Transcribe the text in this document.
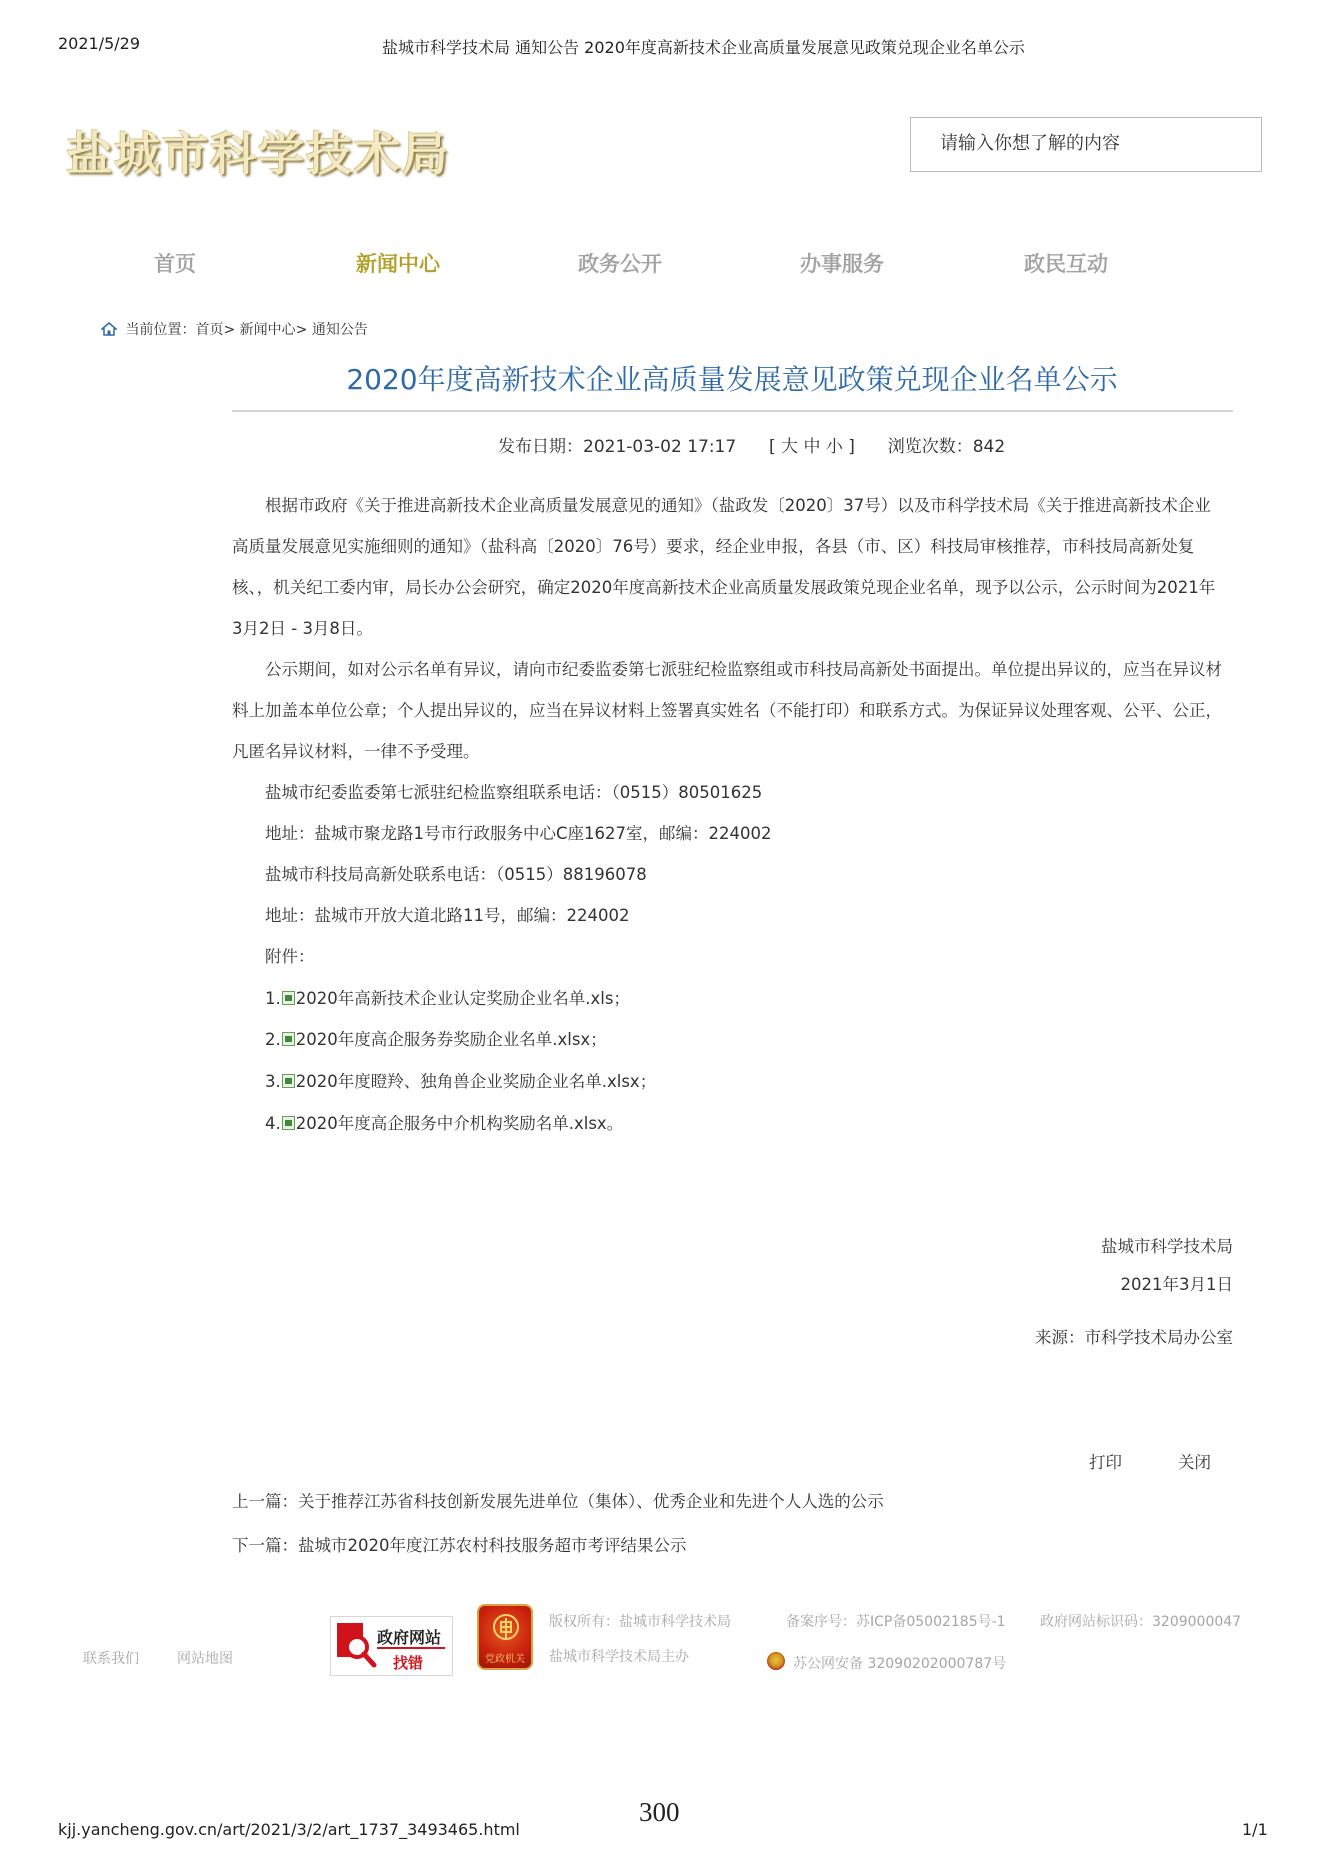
2021/5/29	盐城市科学技术局 通知公告 2020年度高新技术企业高质量发展意见政策兑现企业名单公示
盐城市科学技术局	请输入你想了解的内容
首页	新闻中心	政务公开	办事服务	政民互动
当前位置：首页> 新闻中心> 通知公告
2020年度高新技术企业高质量发展意见政策兑现企业名单公示
发布日期：2021-03-02 17:17 [ 大 中 小 ] 浏览次数：842
根据市政府《关于推进高新技术企业高质量发展意见的通知》（盐政发〔2020〕37号）以及市科学技术局《关于推进高新技术企业
高质量发展意见实施细则的通知》（盐科高〔2020〕76号）要求，经企业申报，各县（市、区）科技局审核推荐，市科技局高新处复
核、，机关纪工委内审，局长办公会研究，确定2020年度高新技术企业高质量发展政策兑现企业名单，现予以公示，公示时间为2021年
3月2日 - 3月8日。
公示期间，如对公示名单有异议，请向市纪委监委第七派驻纪检监察组或市科技局高新处书面提出。单位提出异议的，应当在异议材
料上加盖本单位公章；个人提出异议的，应当在异议材料上签署真实姓名（不能打印）和联系方式。为保证异议处理客观、公平、公正，
凡匿名异议材料，一律不予受理。
盐城市纪委监委第七派驻纪检监察组联系电话：（0515）80501625
地址：盐城市聚龙路1号市行政服务中心C座1627室，邮编：224002
盐城市科技局高新处联系电话：（0515）88196078
地址：盐城市开放大道北路11号，邮编：224002
附件：
1. 2020年高新技术企业认定奖励企业名单.xls；
2. 2020年度高企服务券奖励企业名单.xlsx；
3. 2020年度瞪羚、独角兽企业奖励企业名单.xlsx；
4. 2020年度高企服务中介机构奖励名单.xlsx。
盐城市科学技术局
2021年3月1日
来源：市科学技术局办公室
打印	关闭
上一篇：关于推荐江苏省科技创新发展先进单位（集体）、优秀企业和先进个人人选的公示
下一篇：盐城市2020年度江苏农村科技服务超市考评结果公示
联系我们	网站地图
政府网站
找错	党政机关
版权所有：盐城市科学技术局
盐城市科学技术局主办
备案序号：苏ICP备05002185号-1 政府网站标识码：3209000047
苏公网安备 32090202000787号
kjj.yancheng.gov.cn/art/2021/3/2/art_1737_3493465.html
300
1/1
